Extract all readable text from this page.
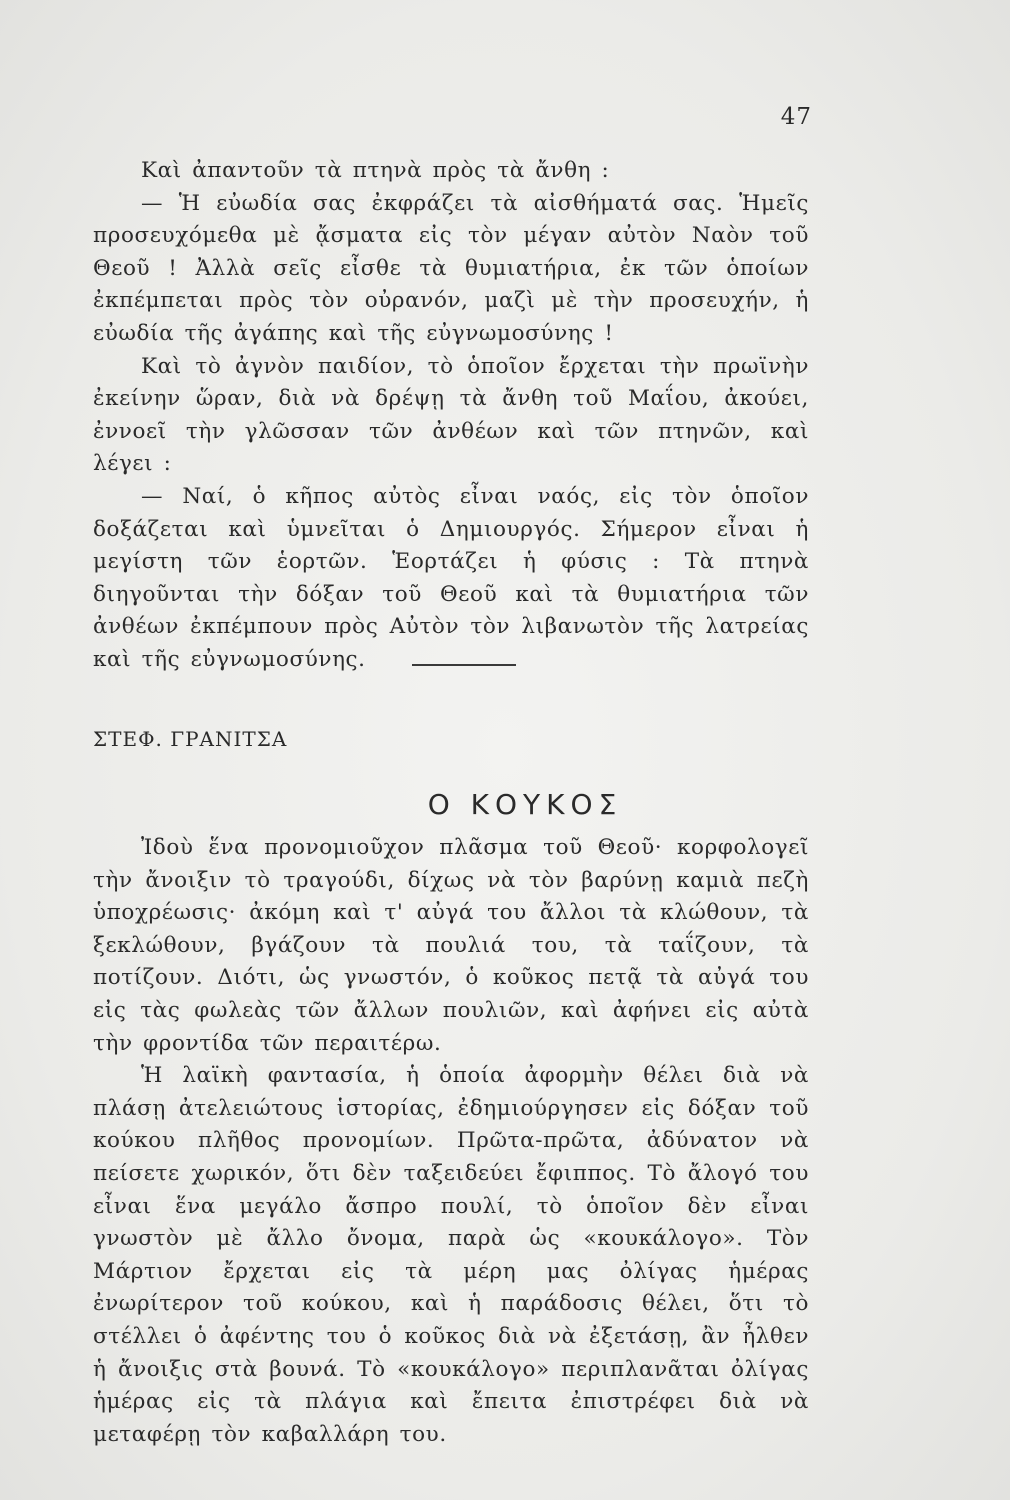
47

Καὶ ἀπαντοῦν τὰ πτηνὰ πρὸς τὰ ἄνθη :

— Ἡ εὐωδία σας ἐκφράζει τὰ αἰσθήματά σας. Ἡμεῖς προσευχόμεθα μὲ ᾄσματα εἰς τὸν μέγαν αὐτὸν Ναὸν τοῦ Θεοῦ ! Ἀλλὰ σεῖς εἶσθε τὰ θυμιατήρια, ἐκ τῶν ὁποίων ἐκπέμπεται πρὸς τὸν οὐρανόν, μαζὶ μὲ τὴν προσευχήν, ἡ εὐωδία τῆς ἀγάπης καὶ τῆς εὐγνωμοσύνης !

Καὶ τὸ ἀγνὸν παιδίον, τὸ ὁποῖον ἔρχεται τὴν πρωϊνὴν ἐκείνην ὥραν, διὰ νὰ δρέψῃ τὰ ἄνθη τοῦ Μαΐου, ἀκούει, ἐννοεῖ τὴν γλῶσσαν τῶν ἀνθέων καὶ τῶν πτηνῶν, καὶ λέγει :

— Ναί, ὁ κῆπος αὐτὸς εἶναι ναός, εἰς τὸν ὁποῖον δοξάζεται καὶ ὑμνεῖται ὁ Δημιουργός. Σήμερον εἶναι ἡ μεγίστη τῶν ἑορτῶν. Ἑορτάζει ἡ φύσις : Τὰ πτηνὰ διηγοῦνται τὴν δόξαν τοῦ Θεοῦ καὶ τὰ θυμιατήρια τῶν ἀνθέων ἐκπέμπουν πρὸς Αὐτὸν τὸν λιβανωτὸν τῆς λατρείας καὶ τῆς εὐγνωμοσύνης.

ΣΤΕΦ. ΓΡΑΝΙΤΣΑ
Ο ΚΟΥΚΟΣ

Ἰδοὺ ἕνα προνομιοῦχον πλᾶσμα τοῦ Θεοῦ· κορφολογεῖ τὴν ἄνοιξιν τὸ τραγούδι, δίχως νὰ τὸν βαρύνῃ καμιὰ πεζὴ ὑποχρέωσις· ἀκόμη καὶ τ' αὐγά του ἄλλοι τὰ κλώθουν, τὰ ξεκλώθουν, βγάζουν τὰ πουλιά του, τὰ ταΐζουν, τὰ ποτίζουν. Διότι, ὡς γνωστόν, ὁ κοῦκος πετᾷ τὰ αὐγά του εἰς τὰς φωλεὰς τῶν ἄλλων πουλιῶν, καὶ ἀφήνει εἰς αὐτὰ τὴν φροντίδα τῶν περαιτέρω.

Ἡ λαϊκὴ φαντασία, ἡ ὁποία ἀφορμὴν θέλει διὰ νὰ πλάσῃ ἀτελειώτους ἱστορίας, ἐδημιούργησεν εἰς δόξαν τοῦ κούκου πλῆθος προνομίων. Πρῶτα-πρῶτα, ἀδύνατον νὰ πείσετε χωρικόν, ὅτι δὲν ταξειδεύει ἔφιππος. Τὸ ἄλογό του εἶναι ἕνα μεγάλο ἄσπρο πουλί, τὸ ὁποῖον δὲν εἶναι γνωστὸν μὲ ἄλλο ὄνομα, παρὰ ὡς «κουκάλογο». Τὸν Μάρτιον ἔρχεται εἰς τὰ μέρη μας ὀλίγας ἡμέρας ἐνωρίτερον τοῦ κούκου, καὶ ἡ παράδοσις θέλει, ὅτι τὸ στέλλει ὁ ἀφέντης του ὁ κοῦκος διὰ νὰ ἐξετάσῃ, ἂν ἦλθεν ἡ ἄνοιξις στὰ βουνά. Τὸ «κουκάλογο» περιπλανᾶται ὀλίγας ἡμέρας εἰς τὰ πλάγια καὶ ἔπειτα ἐπιστρέφει διὰ νὰ μεταφέρῃ τὸν καβαλλάρη του.
